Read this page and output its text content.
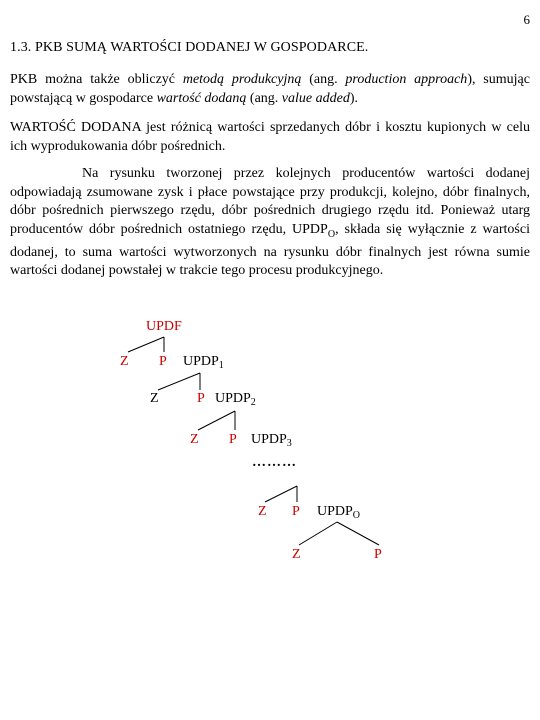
6
1.3. PKB SUMĄ WARTOŚCI DODANEJ W GOSPODARCE.
PKB można także obliczyć metodą produkcyjną (ang. production approach), sumując powstającą w gospodarce wartość dodaną (ang. value added).
WARTOŚĆ DODANA jest różnicą wartości sprzedanych dóbr i kosztu kupionych w celu ich wyprodukowania dóbr pośrednich.
Na rysunku tworzonej przez kolejnych producentów wartości dodanej odpowiadają zsumowane zysk i płace powstające przy produkcji, kolejno, dóbr finalnych, dóbr pośrednich pierwszego rzędu, dóbr pośrednich drugiego rzędu itd. Ponieważ utarg producentów dóbr pośrednich ostatniego rzędu, $UPDP_O$, składa się wyłącznie z wartości dodanej, to suma wartości wytworzonych na rysunku dóbr finalnych jest równa sumie wartości dodanej powstałej w trakcie tego procesu produkcyjnego.
UPDF
Z P $UPDP_1$
Z	P $UPDP_2$
Z P $UPDP_3$
………
Z P $UPDP_O$
Z	P
